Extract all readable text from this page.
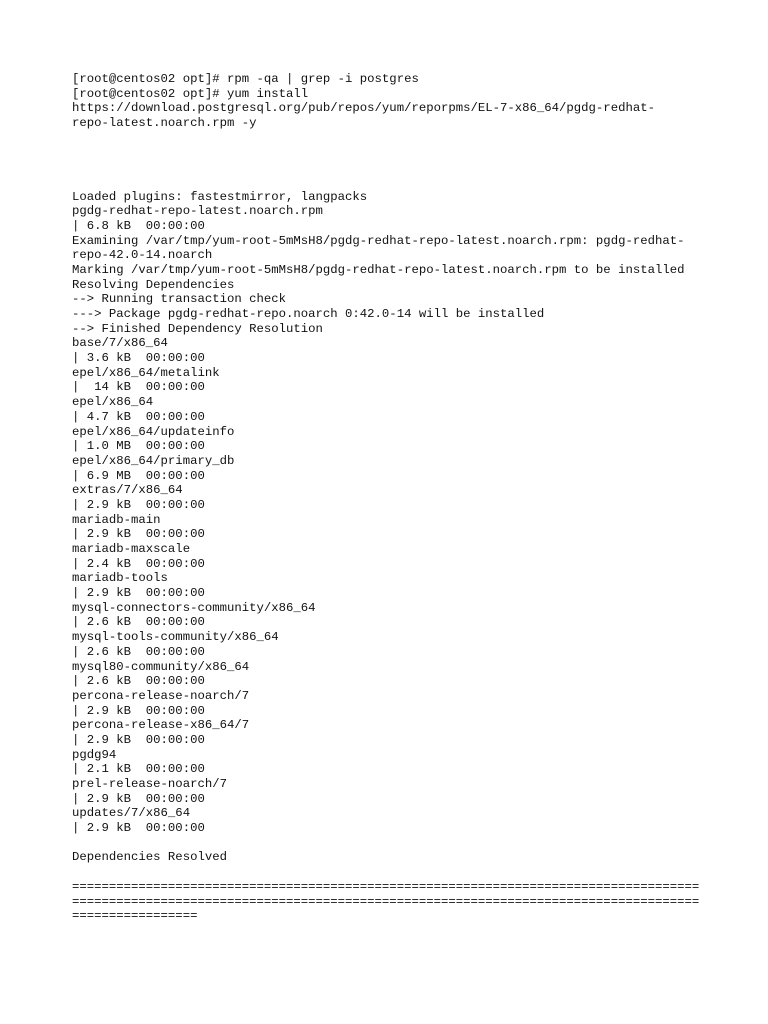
[root@centos02 opt]# rpm -qa | grep -i postgres
[root@centos02 opt]# yum install
https://download.postgresql.org/pub/repos/yum/reporpms/EL-7-x86_64/pgdg-redhat-
repo-latest.noarch.rpm -y
Loaded plugins: fastestmirror, langpacks
pgdg-redhat-repo-latest.noarch.rpm
| 6.8 kB  00:00:00
Examining /var/tmp/yum-root-5mMsH8/pgdg-redhat-repo-latest.noarch.rpm: pgdg-redhat-
repo-42.0-14.noarch
Marking /var/tmp/yum-root-5mMsH8/pgdg-redhat-repo-latest.noarch.rpm to be installed
Resolving Dependencies
--> Running transaction check
---> Package pgdg-redhat-repo.noarch 0:42.0-14 will be installed
--> Finished Dependency Resolution
base/7/x86_64
| 3.6 kB  00:00:00
epel/x86_64/metalink
|  14 kB  00:00:00
epel/x86_64
| 4.7 kB  00:00:00
epel/x86_64/updateinfo
| 1.0 MB  00:00:00
epel/x86_64/primary_db
| 6.9 MB  00:00:00
extras/7/x86_64
| 2.9 kB  00:00:00
mariadb-main
| 2.9 kB  00:00:00
mariadb-maxscale
| 2.4 kB  00:00:00
mariadb-tools
| 2.9 kB  00:00:00
mysql-connectors-community/x86_64
| 2.6 kB  00:00:00
mysql-tools-community/x86_64
| 2.6 kB  00:00:00
mysql80-community/x86_64
| 2.6 kB  00:00:00
percona-release-noarch/7
| 2.9 kB  00:00:00
percona-release-x86_64/7
| 2.9 kB  00:00:00
pgdg94
| 2.1 kB  00:00:00
prel-release-noarch/7
| 2.9 kB  00:00:00
updates/7/x86_64
| 2.9 kB  00:00:00
Dependencies Resolved
=====================================================================================
=====================================================================================
=================
